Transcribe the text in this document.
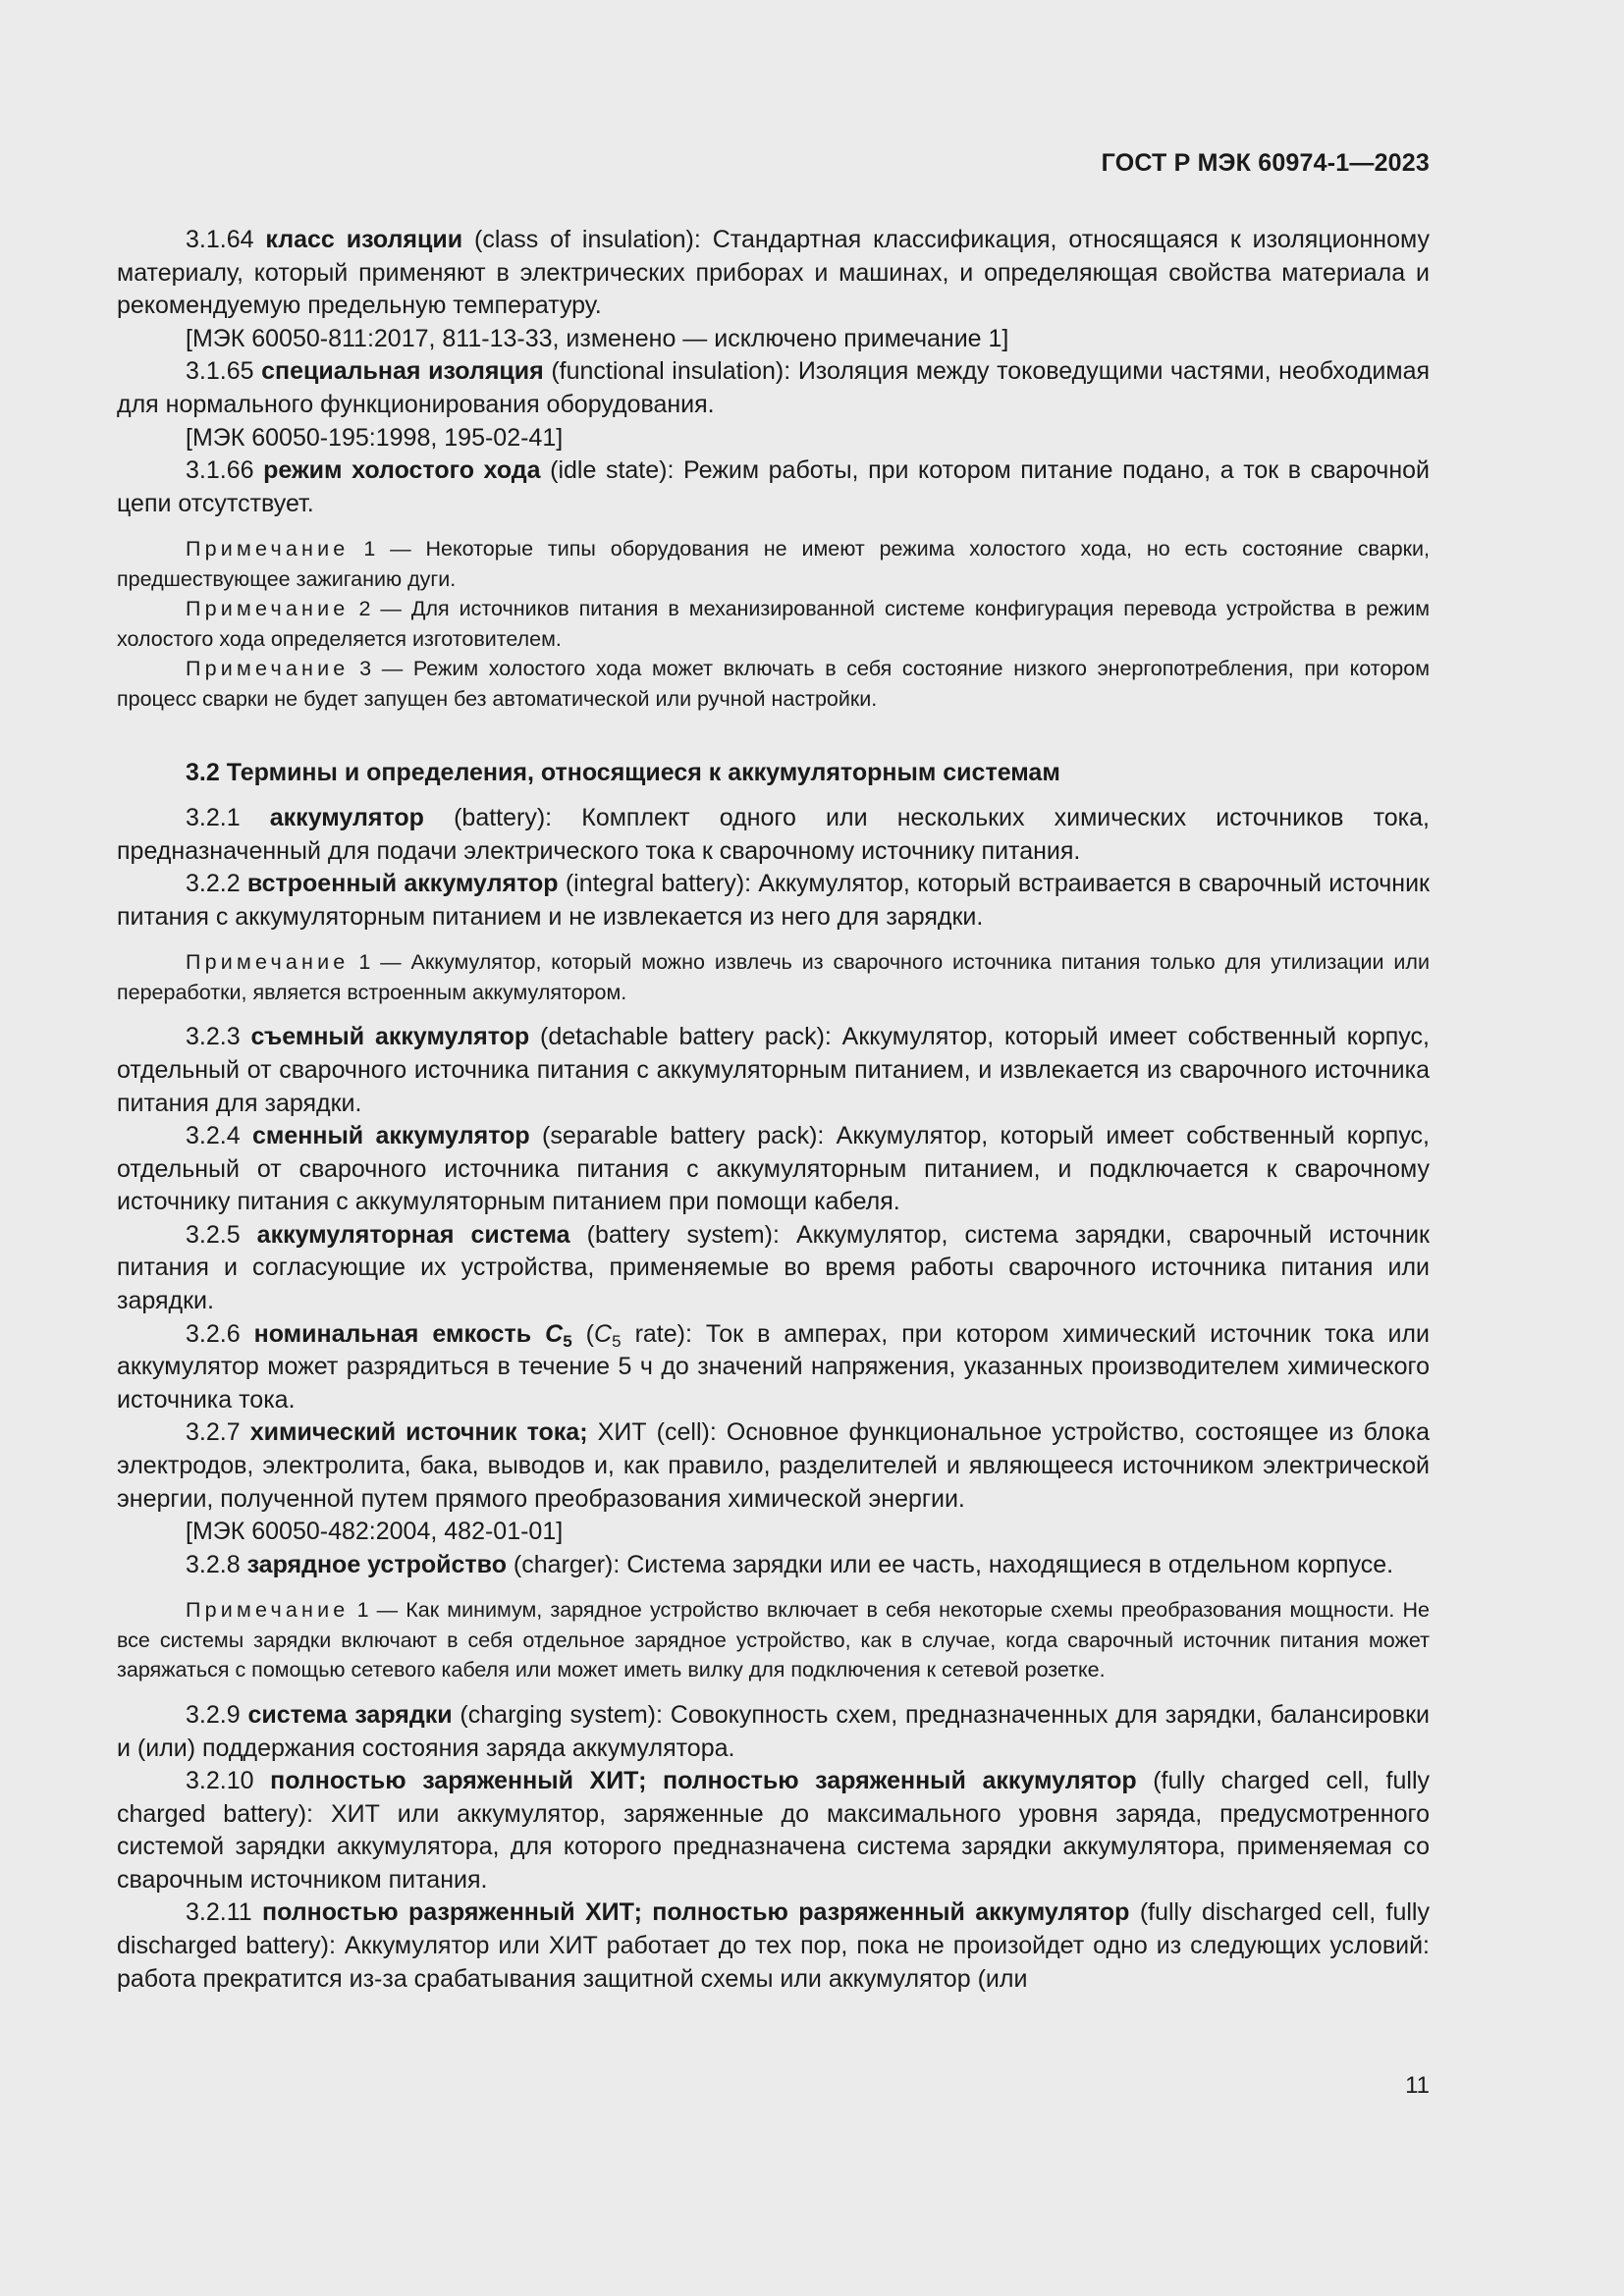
ГОСТ Р МЭК 60974-1—2023

3.1.64 класс изоляции (class of insulation): Стандартная классификация, относящаяся к изоляционному материалу, который применяют в электрических приборах и машинах, и определяющая свойства материала и рекомендуемую предельную температуру.

[МЭК 60050-811:2017, 811-13-33, изменено — исключено примечание 1]

3.1.65 специальная изоляция (functional insulation): Изоляция между токоведущими частями, необходимая для нормального функционирования оборудования.

[МЭК 60050-195:1998, 195-02-41]

3.1.66 режим холостого хода (idle state): Режим работы, при котором питание подано, а ток в сварочной цепи отсутствует.

Примечание 1 — Некоторые типы оборудования не имеют режима холостого хода, но есть состояние сварки, предшествующее зажиганию дуги.

Примечание 2 — Для источников питания в механизированной системе конфигурация перевода устройства в режим холостого хода определяется изготовителем.

Примечание 3 — Режим холостого хода может включать в себя состояние низкого энергопотребления, при котором процесс сварки не будет запущен без автоматической или ручной настройки.

3.2 Термины и определения, относящиеся к аккумуляторным системам

3.2.1 аккумулятор (battery): Комплект одного или нескольких химических источников тока, предназначенный для подачи электрического тока к сварочному источнику питания.

3.2.2 встроенный аккумулятор (integral battery): Аккумулятор, который встраивается в сварочный источник питания с аккумуляторным питанием и не извлекается из него для зарядки.

Примечание 1 — Аккумулятор, который можно извлечь из сварочного источника питания только для утилизации или переработки, является встроенным аккумулятором.

3.2.3 съемный аккумулятор (detachable battery pack): Аккумулятор, который имеет собственный корпус, отдельный от сварочного источника питания с аккумуляторным питанием, и извлекается из сварочного источника питания для зарядки.

3.2.4 сменный аккумулятор (separable battery pack): Аккумулятор, который имеет собственный корпус, отдельный от сварочного источника питания с аккумуляторным питанием, и подключается к сварочному источнику питания с аккумуляторным питанием при помощи кабеля.

3.2.5 аккумуляторная система (battery system): Аккумулятор, система зарядки, сварочный источник питания и согласующие их устройства, применяемые во время работы сварочного источника питания или зарядки.

3.2.6 номинальная емкость $C_5$ ($C_5$ rate): Ток в амперах, при котором химический источник тока или аккумулятор может разрядиться в течение 5 ч до значений напряжения, указанных производителем химического источника тока.

3.2.7 химический источник тока; ХИТ (cell): Основное функциональное устройство, состоящее из блока электродов, электролита, бака, выводов и, как правило, разделителей и являющееся источником электрической энергии, полученной путем прямого преобразования химической энергии.

[МЭК 60050-482:2004, 482-01-01]

3.2.8 зарядное устройство (charger): Система зарядки или ее часть, находящиеся в отдельном корпусе.

Примечание 1 — Как минимум, зарядное устройство включает в себя некоторые схемы преобразования мощности. Не все системы зарядки включают в себя отдельное зарядное устройство, как в случае, когда сварочный источник питания может заряжаться с помощью сетевого кабеля или может иметь вилку для подключения к сетевой розетке.

3.2.9 система зарядки (charging system): Совокупность схем, предназначенных для зарядки, балансировки и (или) поддержания состояния заряда аккумулятора.

3.2.10 полностью заряженный ХИТ; полностью заряженный аккумулятор (fully charged cell, fully charged battery): ХИТ или аккумулятор, заряженные до максимального уровня заряда, предусмотренного системой зарядки аккумулятора, для которого предназначена система зарядки аккумулятора, применяемая со сварочным источником питания.

3.2.11 полностью разряженный ХИТ; полностью разряженный аккумулятор (fully discharged cell, fully discharged battery): Аккумулятор или ХИТ работает до тех пор, пока не произойдет одно из следующих условий: работа прекратится из-за срабатывания защитной схемы или аккумулятор (или

11
